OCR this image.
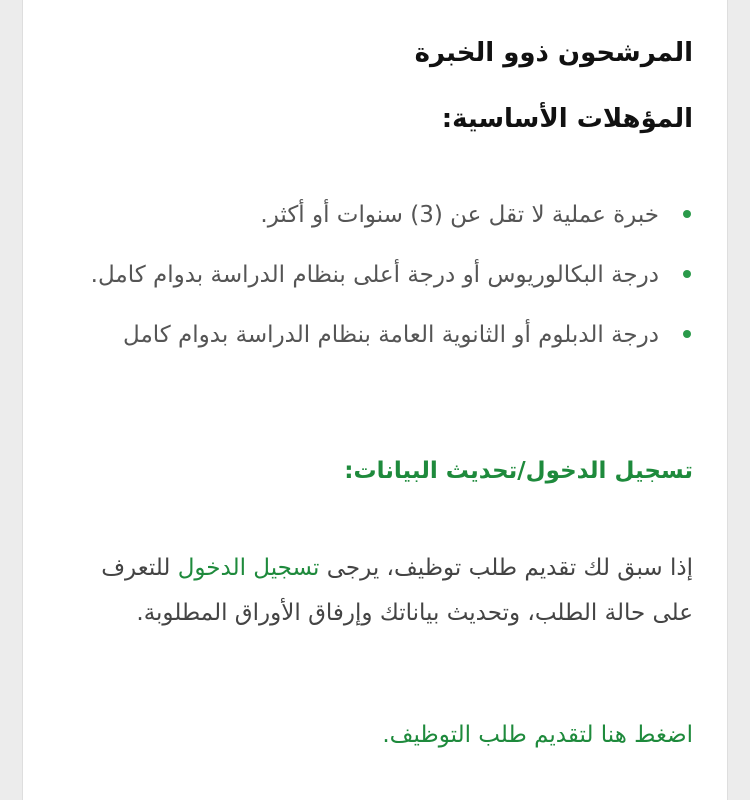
المرشحون ذوو الخبرة
المؤهلات الأساسية:
خبرة عملية لا تقل عن (3) سنوات أو أكثر.
درجة البكالوريوس أو درجة أعلى بنظام الدراسة بدوام كامل.
درجة الدبلوم أو الثانوية العامة بنظام الدراسة بدوام كامل
تسجيل الدخول/تحديث البيانات:

إذا سبق لك تقديم طلب توظيف، يرجى تسجيل الدخول للتعرف على حالة الطلب، وتحديث بياناتك وإرفاق الأوراق المطلوبة.

اضغط هنا لتقديم طلب التوظيف.
